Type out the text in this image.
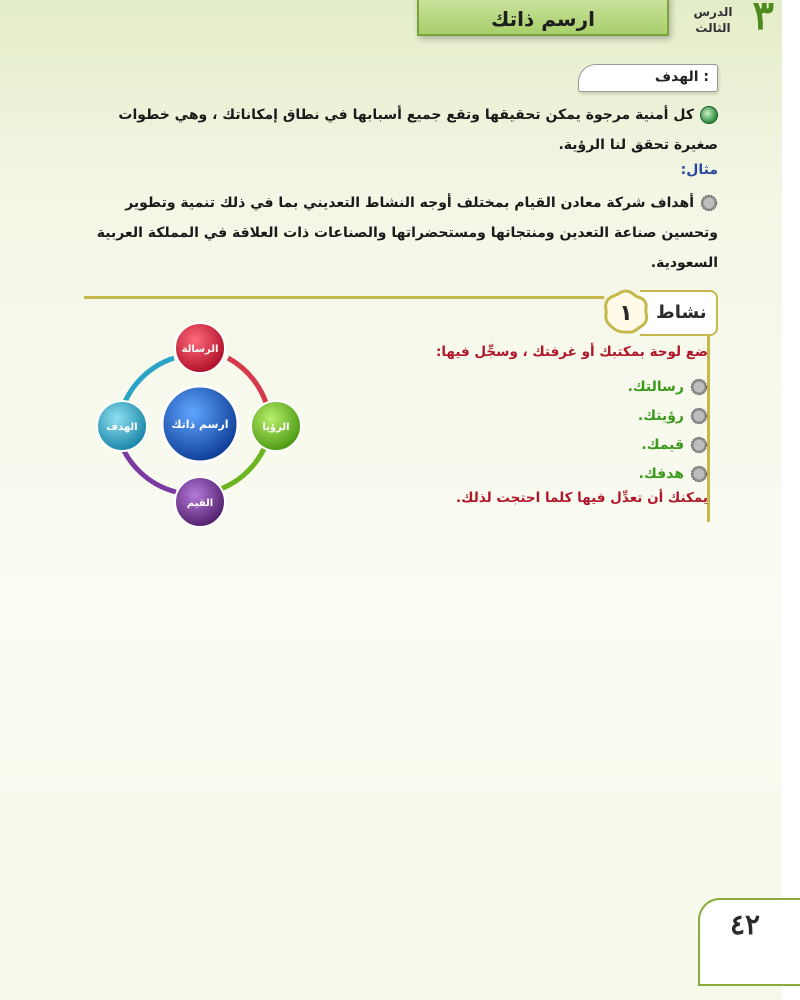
٣
الدرس الثالث
ارسم ذاتك
الهدف :
كل أمنية مرجوة يمكن تحقيقها وتقع جميع أسبابها في نطاق إمكاناتك ، وهي خطوات صغيرة تحقق لنا الرؤية.
مثال:
أهداف شركة معادن القيام بمختلف أوجه النشاط التعديني بما في ذلك تنمية وتطوير وتحسين صناعة التعدين ومنتجاتها ومستحضراتها والصناعات ذات العلاقة في المملكة العربية السعودية.
نشاط
١
ضع لوحة بمكتبك أو غرفتك ، وسجِّل فيها:
رسالتك.
رؤيتك.
قيمك.
هدفك.
يمكنك أن تعدِّل فيها كلما احتجت لذلك.
الرسالة
الرؤيا
القيم
الهدف	ارسم ذاتك
٤٢
